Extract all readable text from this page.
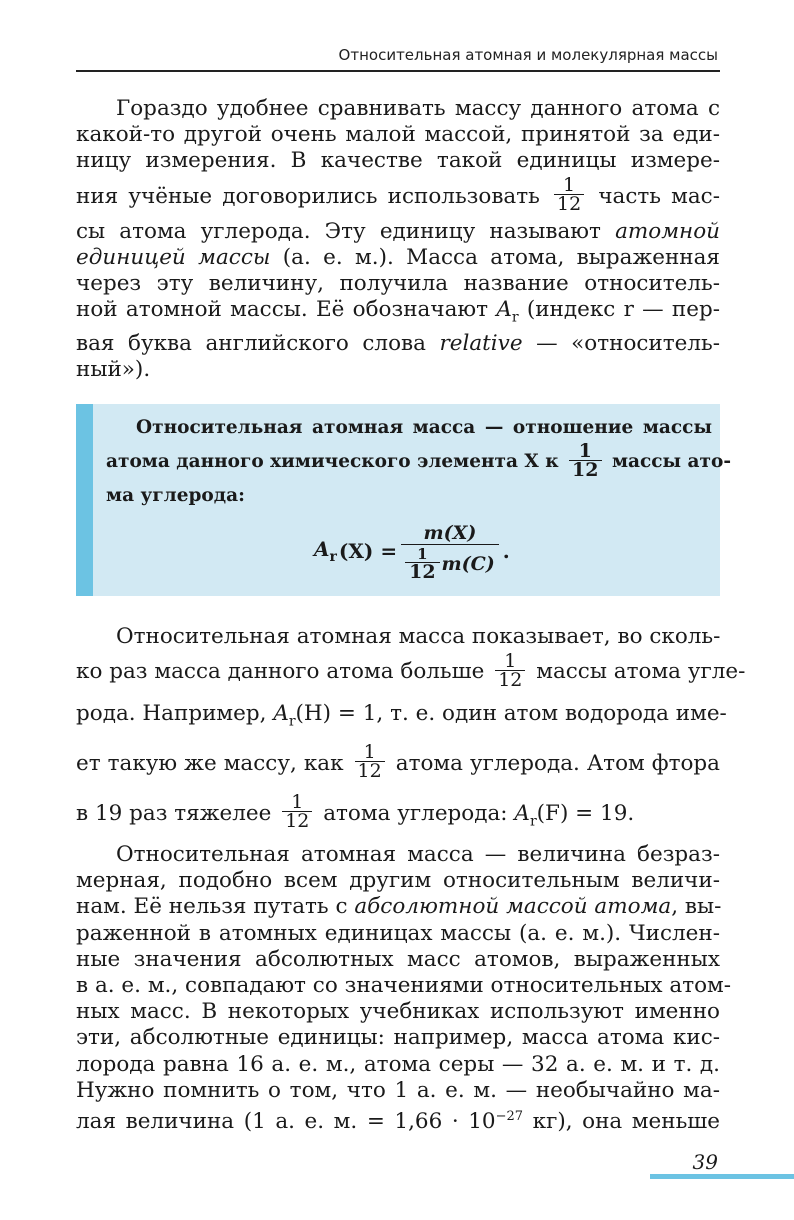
Относительная атомная и молекулярная массы
Гораздо удобнее сравнивать массу данного атома с
какой-то другой очень малой массой, принятой за еди-
ницу измерения. В качестве такой единицы измере-
ния учёные договорились использовать $\frac{1}{12}$ часть мас-
сы атома углерода. Эту единицу называют атомной
единицей массы (а. е. м.). Масса атома, выраженная
через эту величину, получила название относитель-
ной атомной массы. Её обозначают $A_r$ (индекс r — пер-
вая буква английского слова relative — «относитель-
ный»).
Относительная атомная масса — отношение массы
атома данного химического элемента X к $\frac{1}{12}$ массы ато-
ма углерода:
$A_r$ $(X) = \frac{m(X)}{\frac{1}{12} m(C)}$ .
Относительная атомная масса показывает, во сколь-
ко раз масса данного атома больше $\frac{1}{12}$ массы атома угле-
рода. Например, $A_r(H) = 1$, т. е. один атом водорода име-
ет такую же массу, как $\frac{1}{12}$ атома углерода. Атом фтора
в 19 раз тяжелее $\frac{1}{12}$ атома углерода: $A_r(F) = 19$.
Относительная атомная масса — величина безраз-
мерная, подобно всем другим относительным величи-
нам. Её нельзя путать с абсолютной массой атома, вы-
раженной в атомных единицах массы (а. е. м.). Числен-
ные значения абсолютных масс атомов, выраженных
в а. е. м., совпадают со значениями относительных атом-
ных масс. В некоторых учебниках используют именно
эти, абсолютные единицы: например, масса атома кис-
лорода равна 16 а. е. м., атома серы — 32 а. е. м. и т. д.
Нужно помнить о том, что 1 а. е. м. — необычайно ма-
лая величина (1 а. е. м. = $1,66 \cdot 10^{-27}$ кг), она меньше
39
